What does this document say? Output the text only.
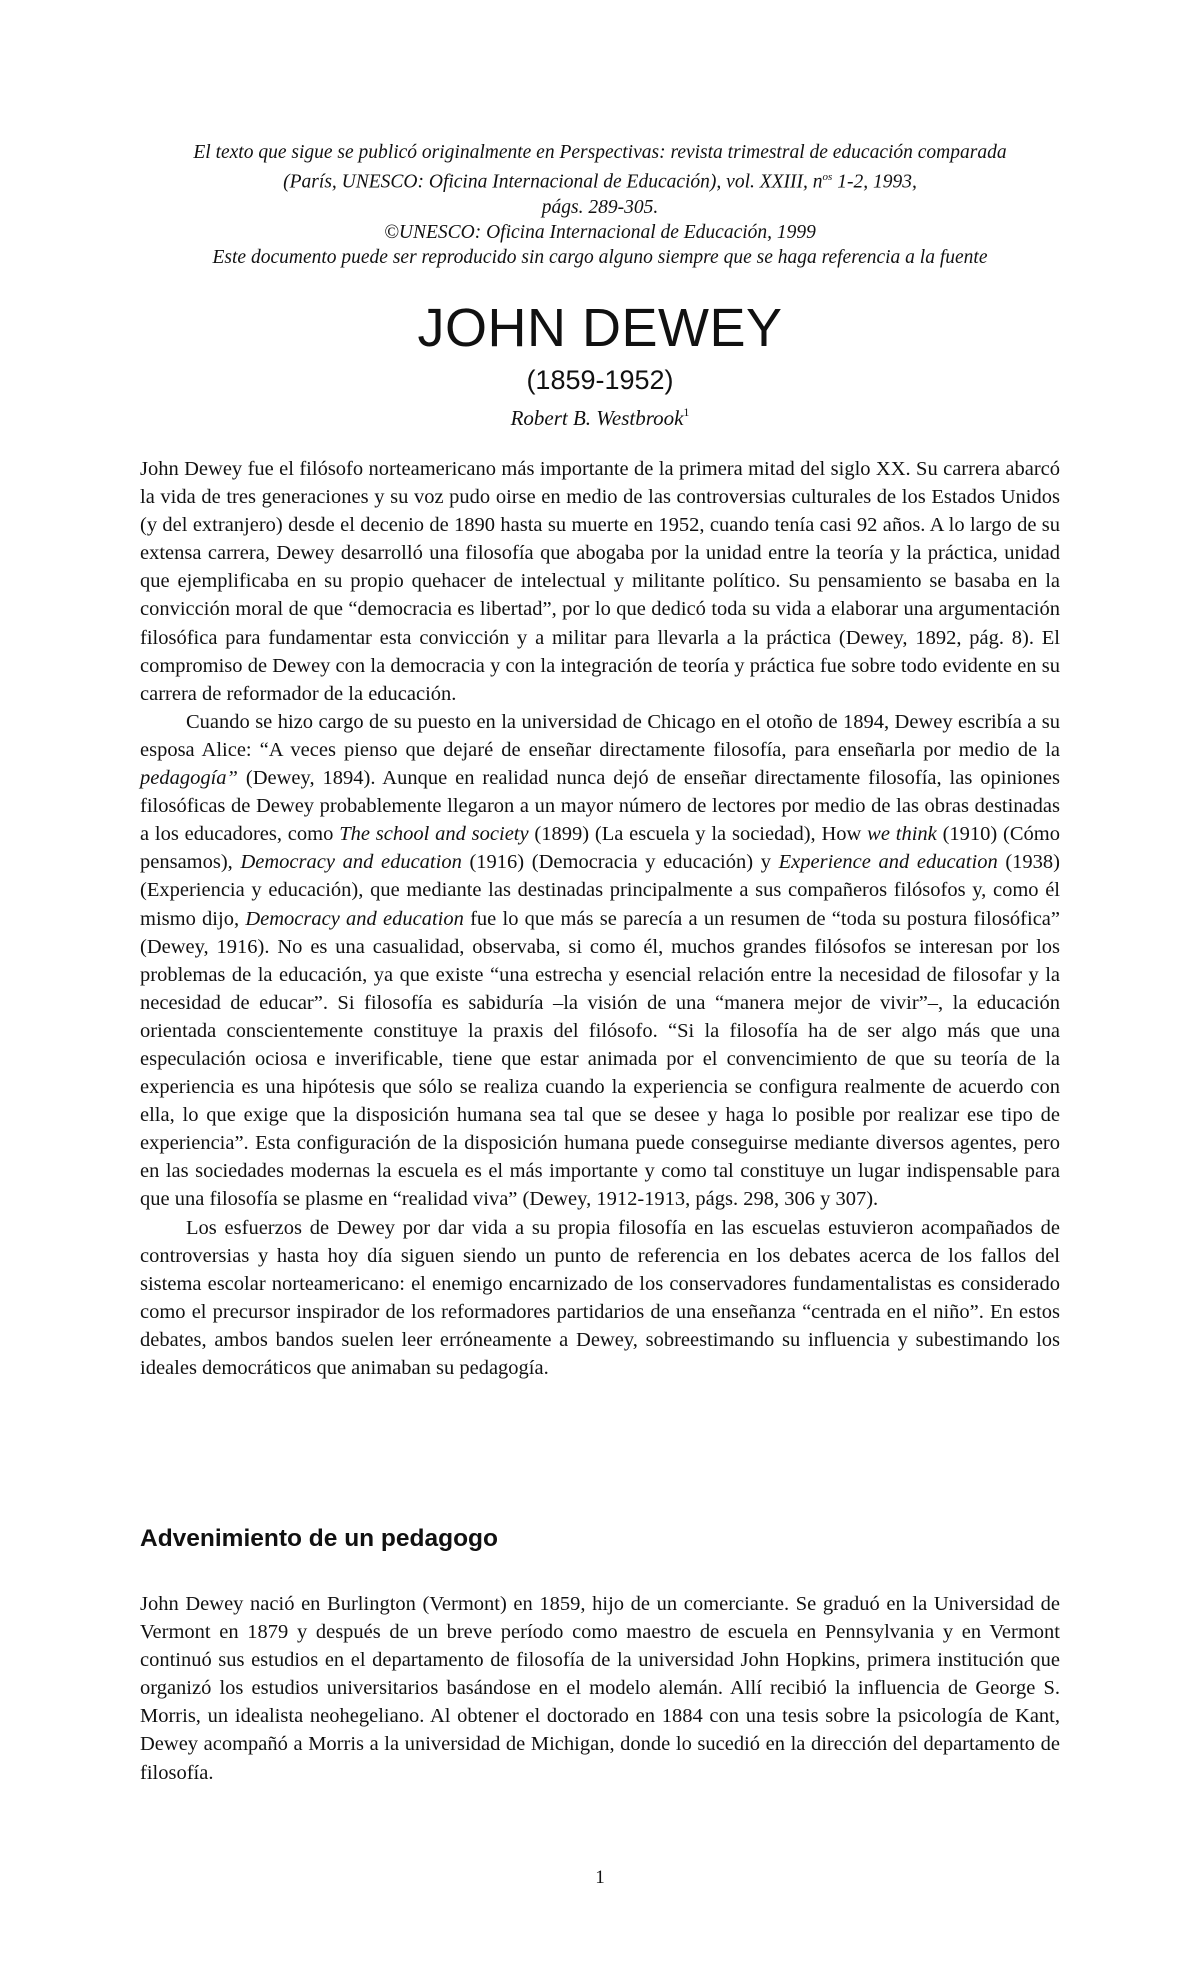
El texto que sigue se publicó originalmente en Perspectivas: revista trimestral de educación comparada
(París, UNESCO: Oficina Internacional de Educación), vol. XXIII, $n^{os}$ 1-2, 1993,
págs. 289-305.
©UNESCO: Oficina Internacional de Educación, 1999
Este documento puede ser reproducido sin cargo alguno siempre que se haga referencia a la fuente
JOHN DEWEY
(1859-1952)
Robert B. Westbrook$^1$

John Dewey fue el filósofo norteamericano más importante de la primera mitad del siglo XX. Su carrera abarcó la vida de tres generaciones y su voz pudo oirse en medio de las controversias culturales de los Estados Unidos (y del extranjero) desde el decenio de 1890 hasta su muerte en 1952, cuando tenía casi 92 años. A lo largo de su extensa carrera, Dewey desarrolló una filosofía que abogaba por la unidad entre la teoría y la práctica, unidad que ejemplificaba en su propio quehacer de intelectual y militante político. Su pensamiento se basaba en la convicción moral de que “democracia es libertad”, por lo que dedicó toda su vida a elaborar una argumentación filosófica para fundamentar esta convicción y a militar para llevarla a la práctica (Dewey, 1892, pág. 8). El compromiso de Dewey con la democracia y con la integración de teoría y práctica fue sobre todo evidente en su carrera de reformador de la educación.

Cuando se hizo cargo de su puesto en la universidad de Chicago en el otoño de 1894, Dewey escribía a su esposa Alice: “A veces pienso que dejaré de enseñar directamente filosofía, para enseñarla por medio de la pedagogía” (Dewey, 1894). Aunque en realidad nunca dejó de enseñar directamente filosofía, las opiniones filosóficas de Dewey probablemente llegaron a un mayor número de lectores por medio de las obras destinadas a los educadores, como The school and society (1899) (La escuela y la sociedad), How we think (1910) (Cómo pensamos), Democracy and education (1916) (Democracia y educación) y Experience and education (1938) (Experiencia y educación), que mediante las destinadas principalmente a sus compañeros filósofos y, como él mismo dijo, Democracy and education fue lo que más se parecía a un resumen de “toda su postura filosófica” (Dewey, 1916). No es una casualidad, observaba, si como él, muchos grandes filósofos se interesan por los problemas de la educación, ya que existe “una estrecha y esencial relación entre la necesidad de filosofar y la necesidad de educar”. Si filosofía es sabiduría –la visión de una “manera mejor de vivir”–, la educación orientada conscientemente constituye la praxis del filósofo. “Si la filosofía ha de ser algo más que una especulación ociosa e inverificable, tiene que estar animada por el convencimiento de que su teoría de la experiencia es una hipótesis que sólo se realiza cuando la experiencia se configura realmente de acuerdo con ella, lo que exige que la disposición humana sea tal que se desee y haga lo posible por realizar ese tipo de experiencia”. Esta configuración de la disposición humana puede conseguirse mediante diversos agentes, pero en las sociedades modernas la escuela es el más importante y como tal constituye un lugar indispensable para que una filosofía se plasme en “realidad viva” (Dewey, 1912-1913, págs. 298, 306 y 307).

Los esfuerzos de Dewey por dar vida a su propia filosofía en las escuelas estuvieron acompañados de controversias y hasta hoy día siguen siendo un punto de referencia en los debates acerca de los fallos del sistema escolar norteamericano: el enemigo encarnizado de los conservadores fundamentalistas es considerado como el precursor inspirador de los reformadores partidarios de una enseñanza “centrada en el niño”. En estos debates, ambos bandos suelen leer erróneamente a Dewey, sobreestimando su influencia y subestimando los ideales democráticos que animaban su pedagogía.

Advenimiento de un pedagogo

John Dewey nació en Burlington (Vermont) en 1859, hijo de un comerciante. Se graduó en la Universidad de Vermont en 1879 y después de un breve período como maestro de escuela en Pennsylvania y en Vermont continuó sus estudios en el departamento de filosofía de la universidad John Hopkins, primera institución que organizó los estudios universitarios basándose en el modelo alemán. Allí recibió la influencia de George S. Morris, un idealista neohegeliano. Al obtener el doctorado en 1884 con una tesis sobre la psicología de Kant, Dewey acompañó a Morris a la universidad de Michigan, donde lo sucedió en la dirección del departamento de filosofía.

1
